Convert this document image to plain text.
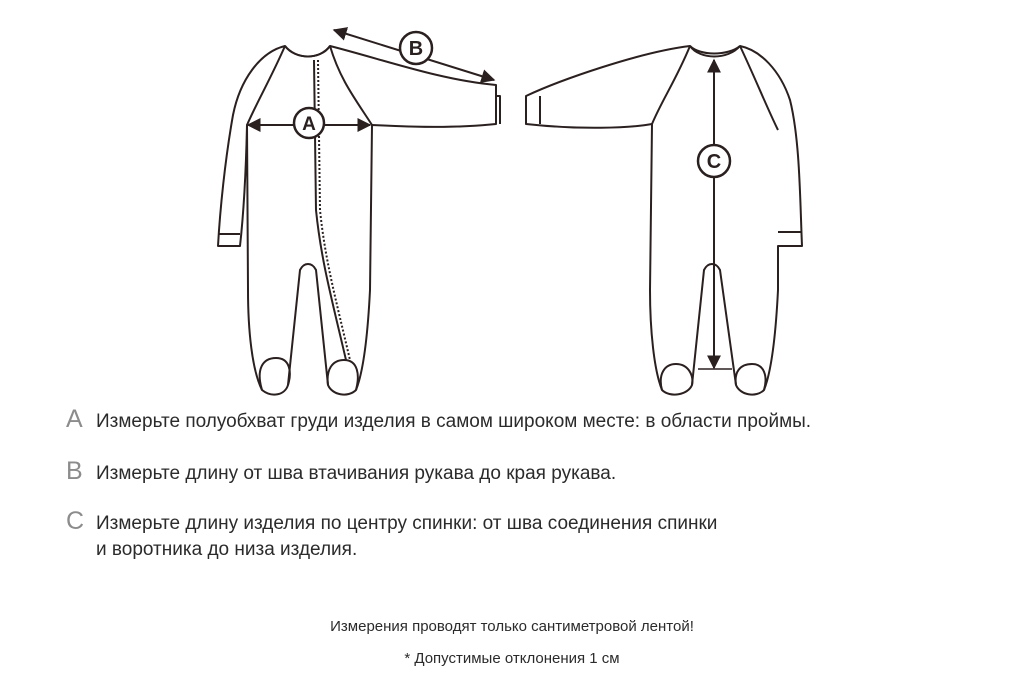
B
A
C
A Измерьте полуобхват груди изделия в самом широком месте: в области проймы.
B Измерьте длину от шва втачивания рукава до края рукава.
C Измерьте длину изделия по центру спинки: от шва соединения спинки
и воротника до низа изделия.
Измерения проводят только сантиметровой лентой!
* Допустимые отклонения 1 см
